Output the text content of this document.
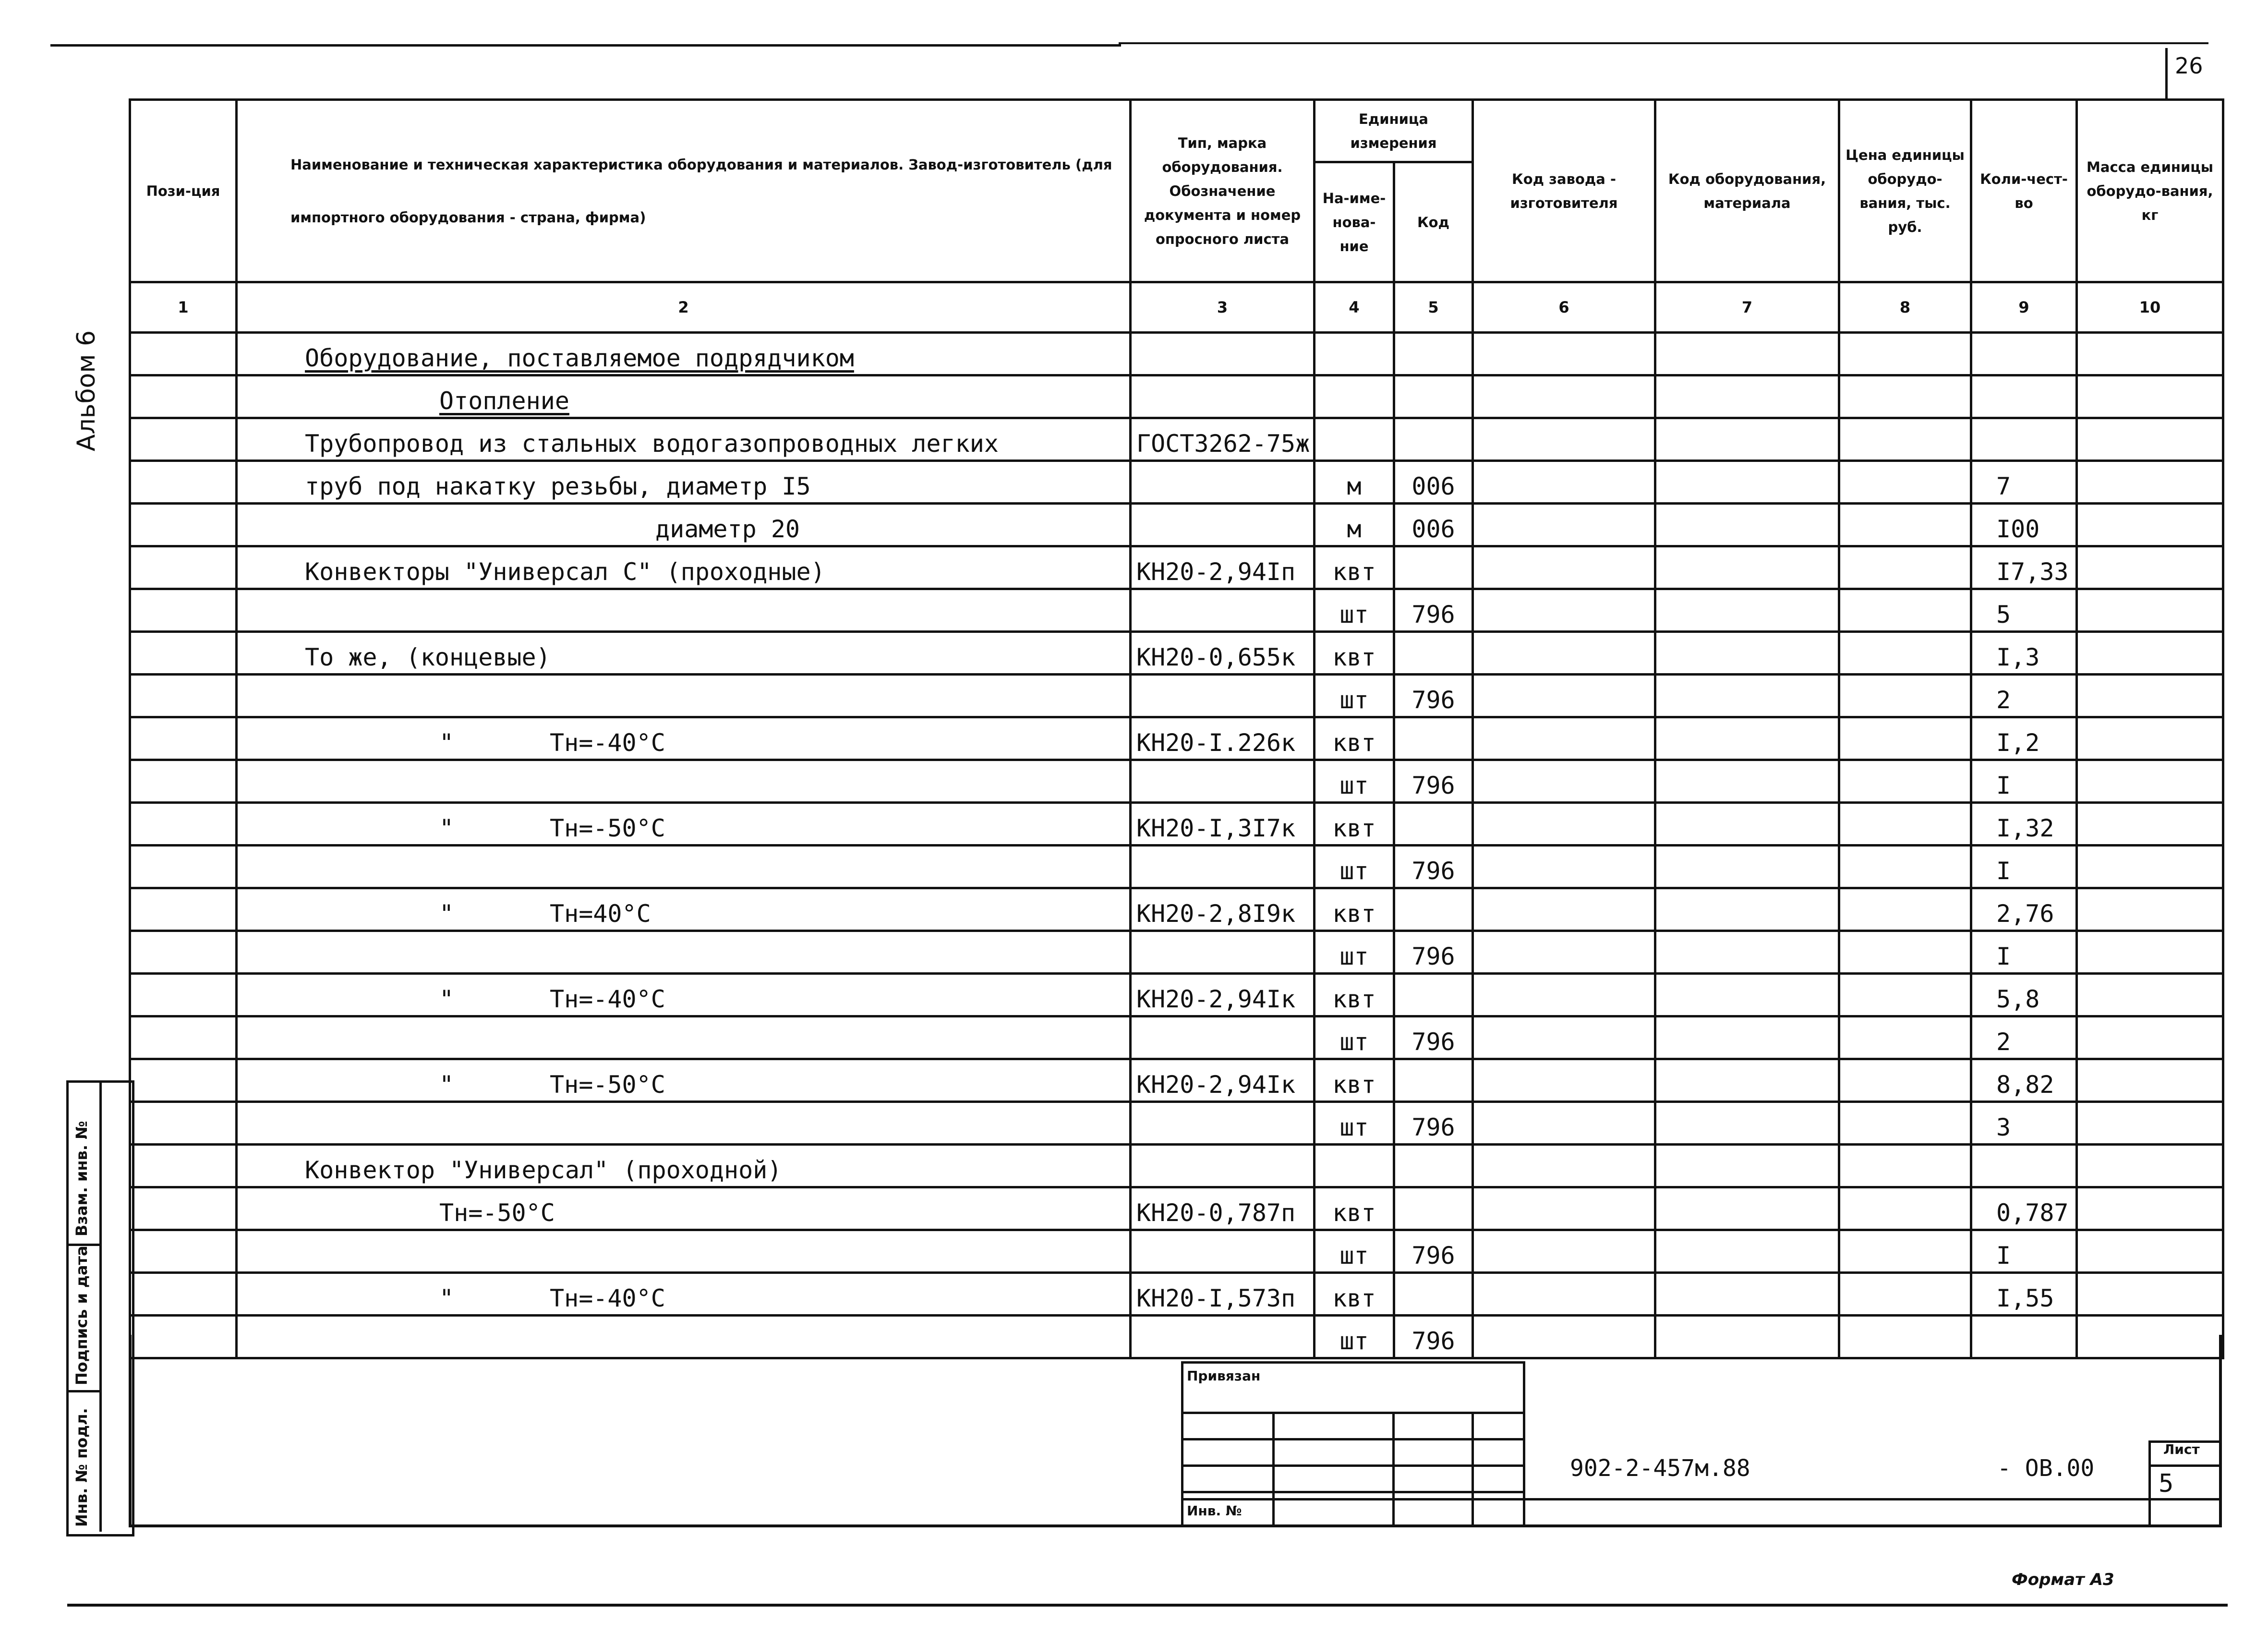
26
Альбом 6
Пози-ция	Наименование и техническая характеристика оборудования и материалов. Завод-изготовитель (для импортного оборудования - страна, фирма)	Тип, марка оборудования. Обозначение документа и номер опросного листа	Единица измерения		Код завода - изготовителя	Код оборудования, материала	Цена единицы оборудо-вания, тыс. руб.	Коли-чест-во	Масса единицы оборудо-вания, кг
			На-име-нова-ние	Код					
1	2	3	4	5	6	7	8	9	10
	Оборудование, поставляемое подрядчиком								
	Отопление								
	Трубопровод из стальных водогазопроводных легких	ГОСТ3262-75ж							
	труб под накатку резьбы, диаметр I5		м	006				7	
	диаметр 20		м	006				I00	
	Конвекторы "Универсал С" (проходные)	КН20-2,94Iп	квт					I7,33	
			шт	796				5	
	То же, (концевые)	КН20-0,655к	квт					I,3	
			шт	796				2	
	" Тн=-40°С	КН20-I.226к	квт					I,2	
			шт	796				I	
	" Тн=-50°С	КН20-I,3I7к	квт					I,32	
			шт	796				I	
	" Тн=40°С	КН20-2,8I9к	квт					2,76	
			шт	796				I	
	" Тн=-40°С	КН20-2,94Iк	квт					5,8	
			шт	796				2	
	" Тн=-50°С	КН20-2,94Iк	квт					8,82	
			шт	796				3	
	Конвектор "Универсал" (проходной)								
	Тн=-50°С	КН20-0,787п	квт					0,787	
			шт	796				I	
	" Тн=-40°С	КН20-I,573п	квт					I,55	
			шт	796					
Взам. инв. №
Подпись и дата
Инв. № подл.
Привязан
Инв. №
902-2-457м.88	- ОВ.00
Лист
5
Формат А3
